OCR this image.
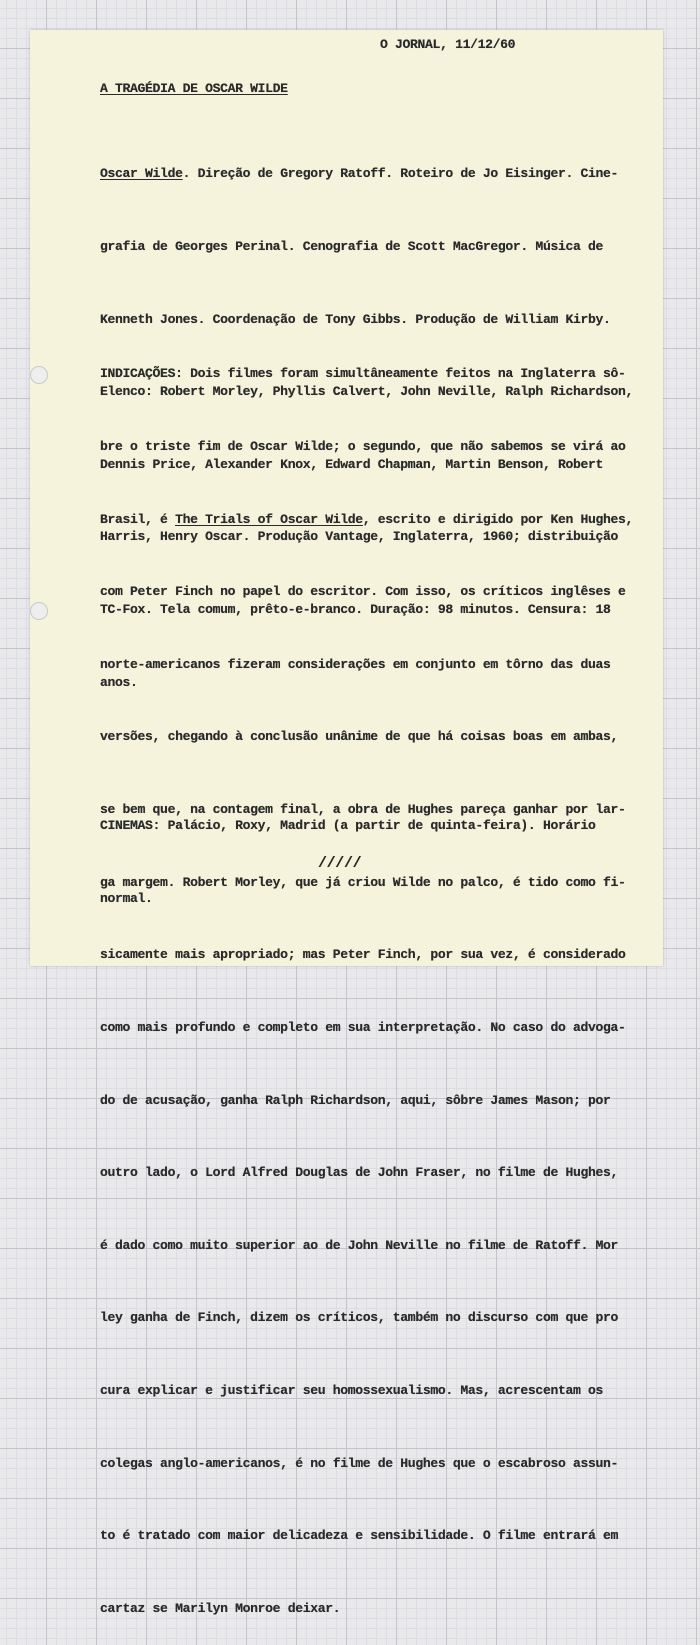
O JORNAL, 11/12/60
A TRAGÉDIA DE OSCAR WILDE

Oscar Wilde. Direção de Gregory Ratoff. Roteiro de Jo Eisinger. Cine-

grafia de Georges Perinal. Cenografia de Scott MacGregor. Música de

Kenneth Jones. Coordenação de Tony Gibbs. Produção de William Kirby.

Elenco: Robert Morley, Phyllis Calvert, John Neville, Ralph Richardson,

Dennis Price, Alexander Knox, Edward Chapman, Martin Benson, Robert

Harris, Henry Oscar. Produção Vantage, Inglaterra, 1960; distribuição

TC-Fox. Tela comum, prêto-e-branco. Duração: 98 minutos. Censura: 18

anos.

INDICAÇÕES: Dois filmes foram simultâneamente feitos na Inglaterra sô-

bre o triste fim de Oscar Wilde; o segundo, que não sabemos se virá ao

Brasil, é The Trials of Oscar Wilde, escrito e dirigido por Ken Hughes,

com Peter Finch no papel do escritor. Com isso, os críticos inglêses e

norte-americanos fizeram considerações em conjunto em tôrno das duas

versões, chegando à conclusão unânime de que há coisas boas em ambas,

se bem que, na contagem final, a obra de Hughes pareça ganhar por lar-

ga margem. Robert Morley, que já criou Wilde no palco, é tido como fi-

sicamente mais apropriado; mas Peter Finch, por sua vez, é considerado

como mais profundo e completo em sua interpretação. No caso do advoga-

do de acusação, ganha Ralph Richardson, aqui, sôbre James Mason; por

outro lado, o Lord Alfred Douglas de John Fraser, no filme de Hughes,

é dado como muito superior ao de John Neville no filme de Ratoff. Mor

ley ganha de Finch, dizem os críticos, também no discurso com que pro

cura explicar e justificar seu homossexualismo. Mas, acrescentam os

colegas anglo-americanos, é no filme de Hughes que o escabroso assun-

to é tratado com maior delicadeza e sensibilidade. O filme entrará em

cartaz se Marilyn Monroe deixar.

CINEMAS: Palácio, Roxy, Madrid (a partir de quinta-feira). Horário

normal.

/////
